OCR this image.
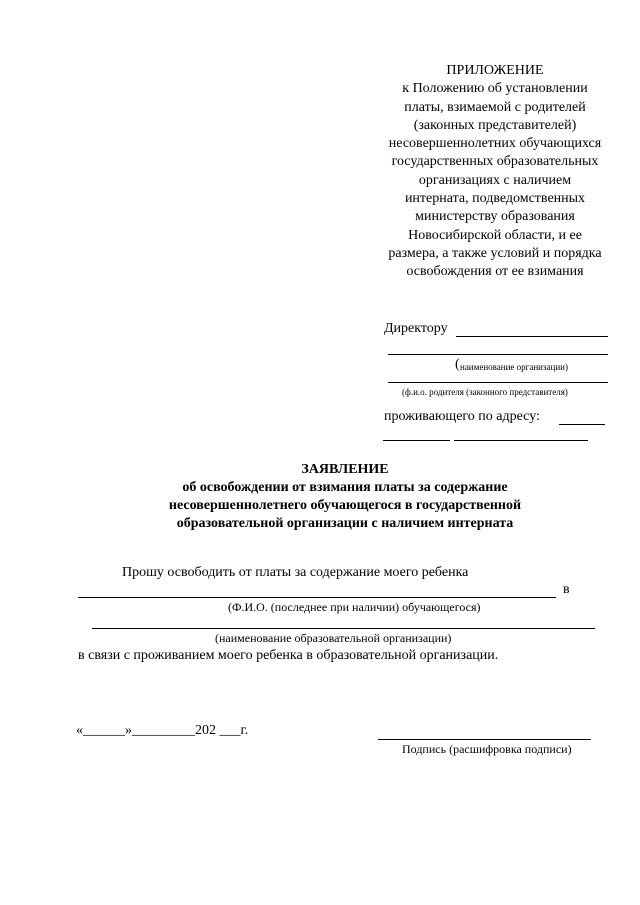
ПРИЛОЖЕНИЕ
к Положению об установлении
платы, взимаемой с родителей
(законных представителей)
несовершеннолетних обучающихся
государственных образовательных
организациях с наличием
интерната, подведомственных
министерству образования
Новосибирской области, и ее
размера, а также условий и порядка
освобождения от ее взимания
Директору
( наименование организации)
(ф.и.о. родителя (законного представителя)
проживающего по адресу:
ЗАЯВЛЕНИЕ
об освобождении от взимания платы за содержание
несовершеннолетнего обучающегося в государственной
образовательной организации с наличием интерната
Прошу освободить от платы за содержание моего ребенка
в
(Ф.И.О. (последнее при наличии) обучающегося)
(наименование образовательной организации)
в связи с проживанием моего ребенка в образовательной организации.
«______»_________202 ___г.
Подпись (расшифровка подписи)
